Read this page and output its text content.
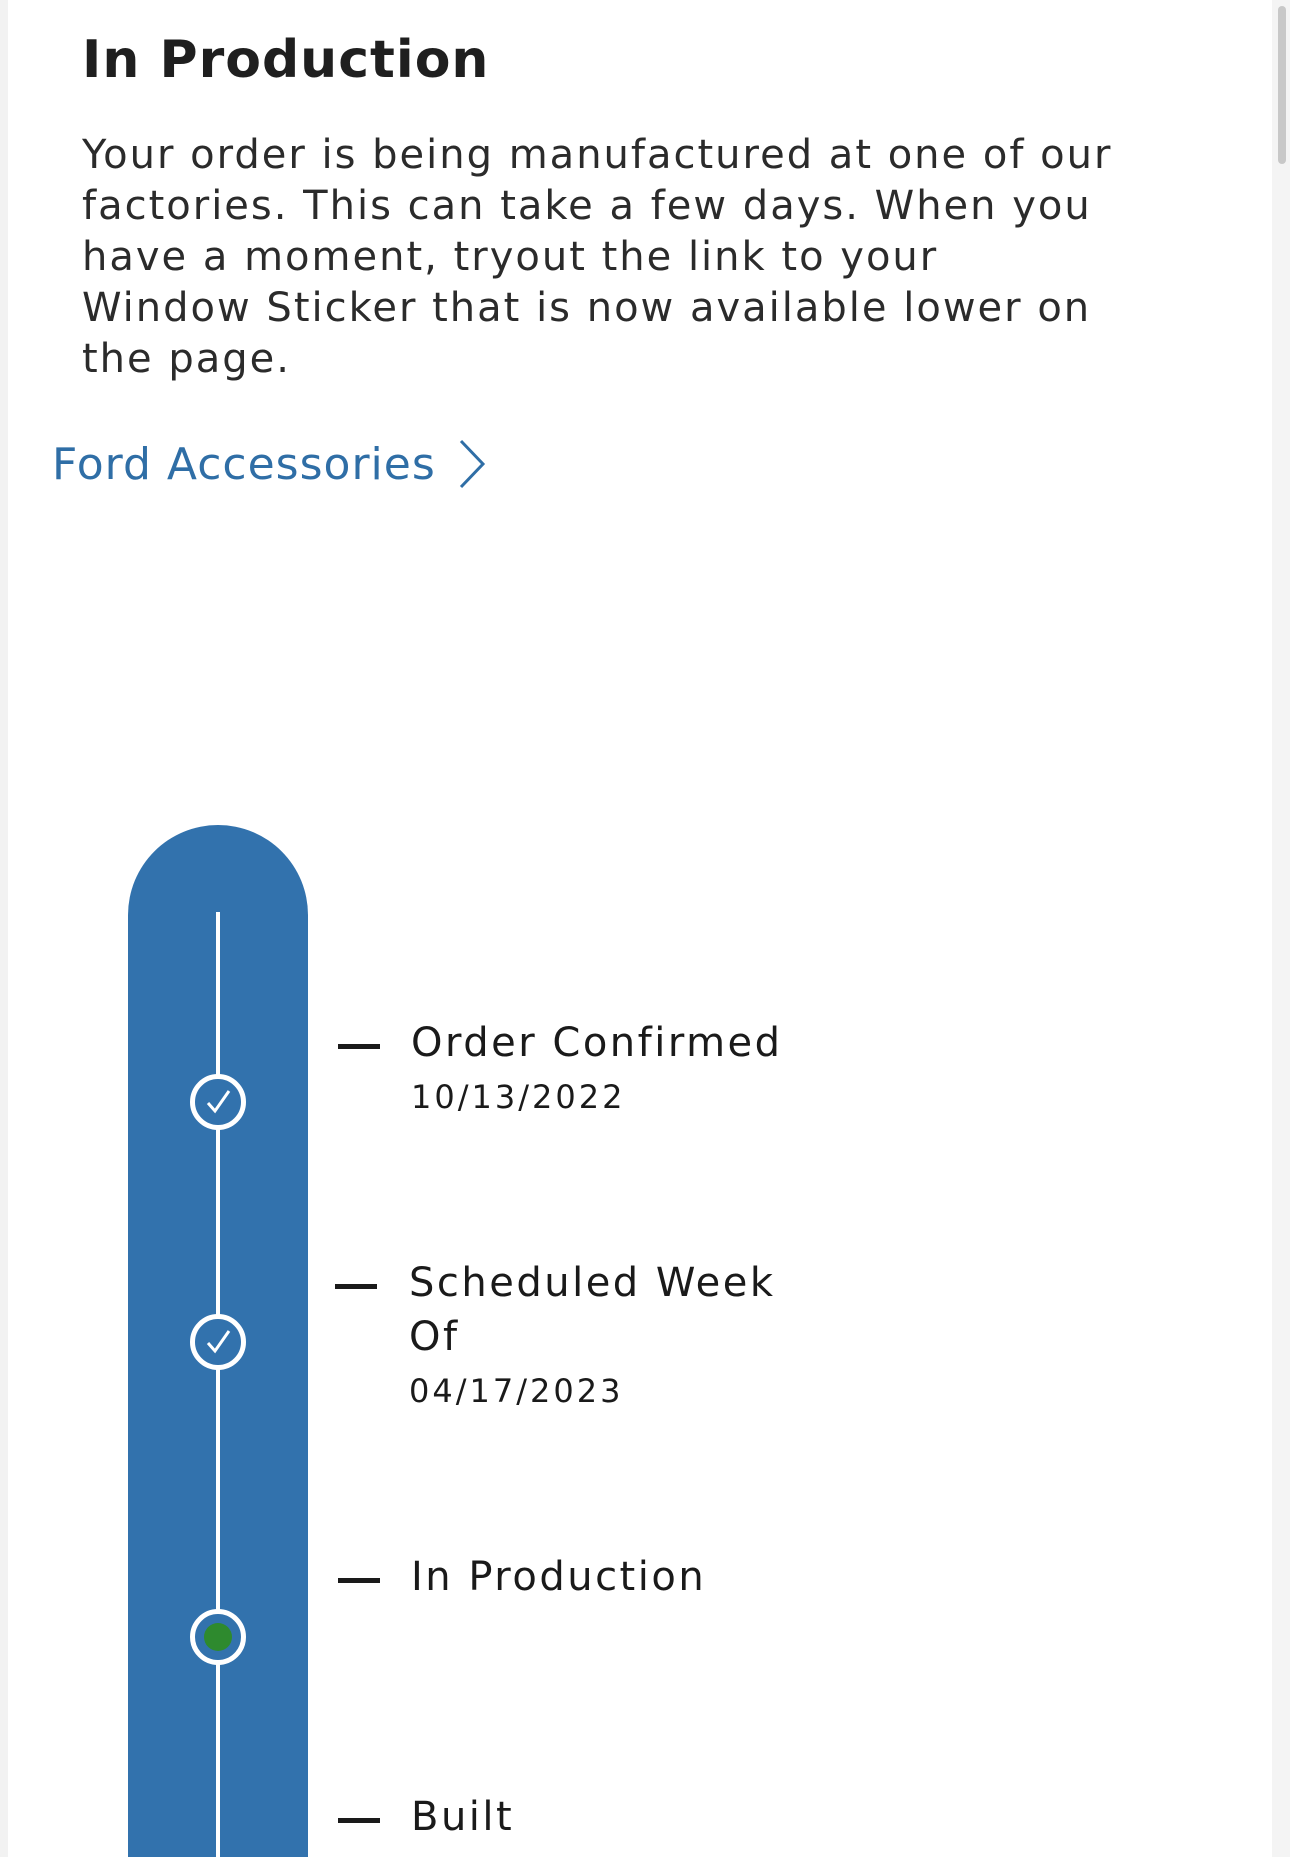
In Production

Your order is being manufactured at one of our factories. This can take a few days. When you have a moment, tryout the link to your Window Sticker that is now available lower on the page.

Ford Accessories
Order Confirmed
10/13/2022
Scheduled Week Of
04/17/2023
In Production
Built
